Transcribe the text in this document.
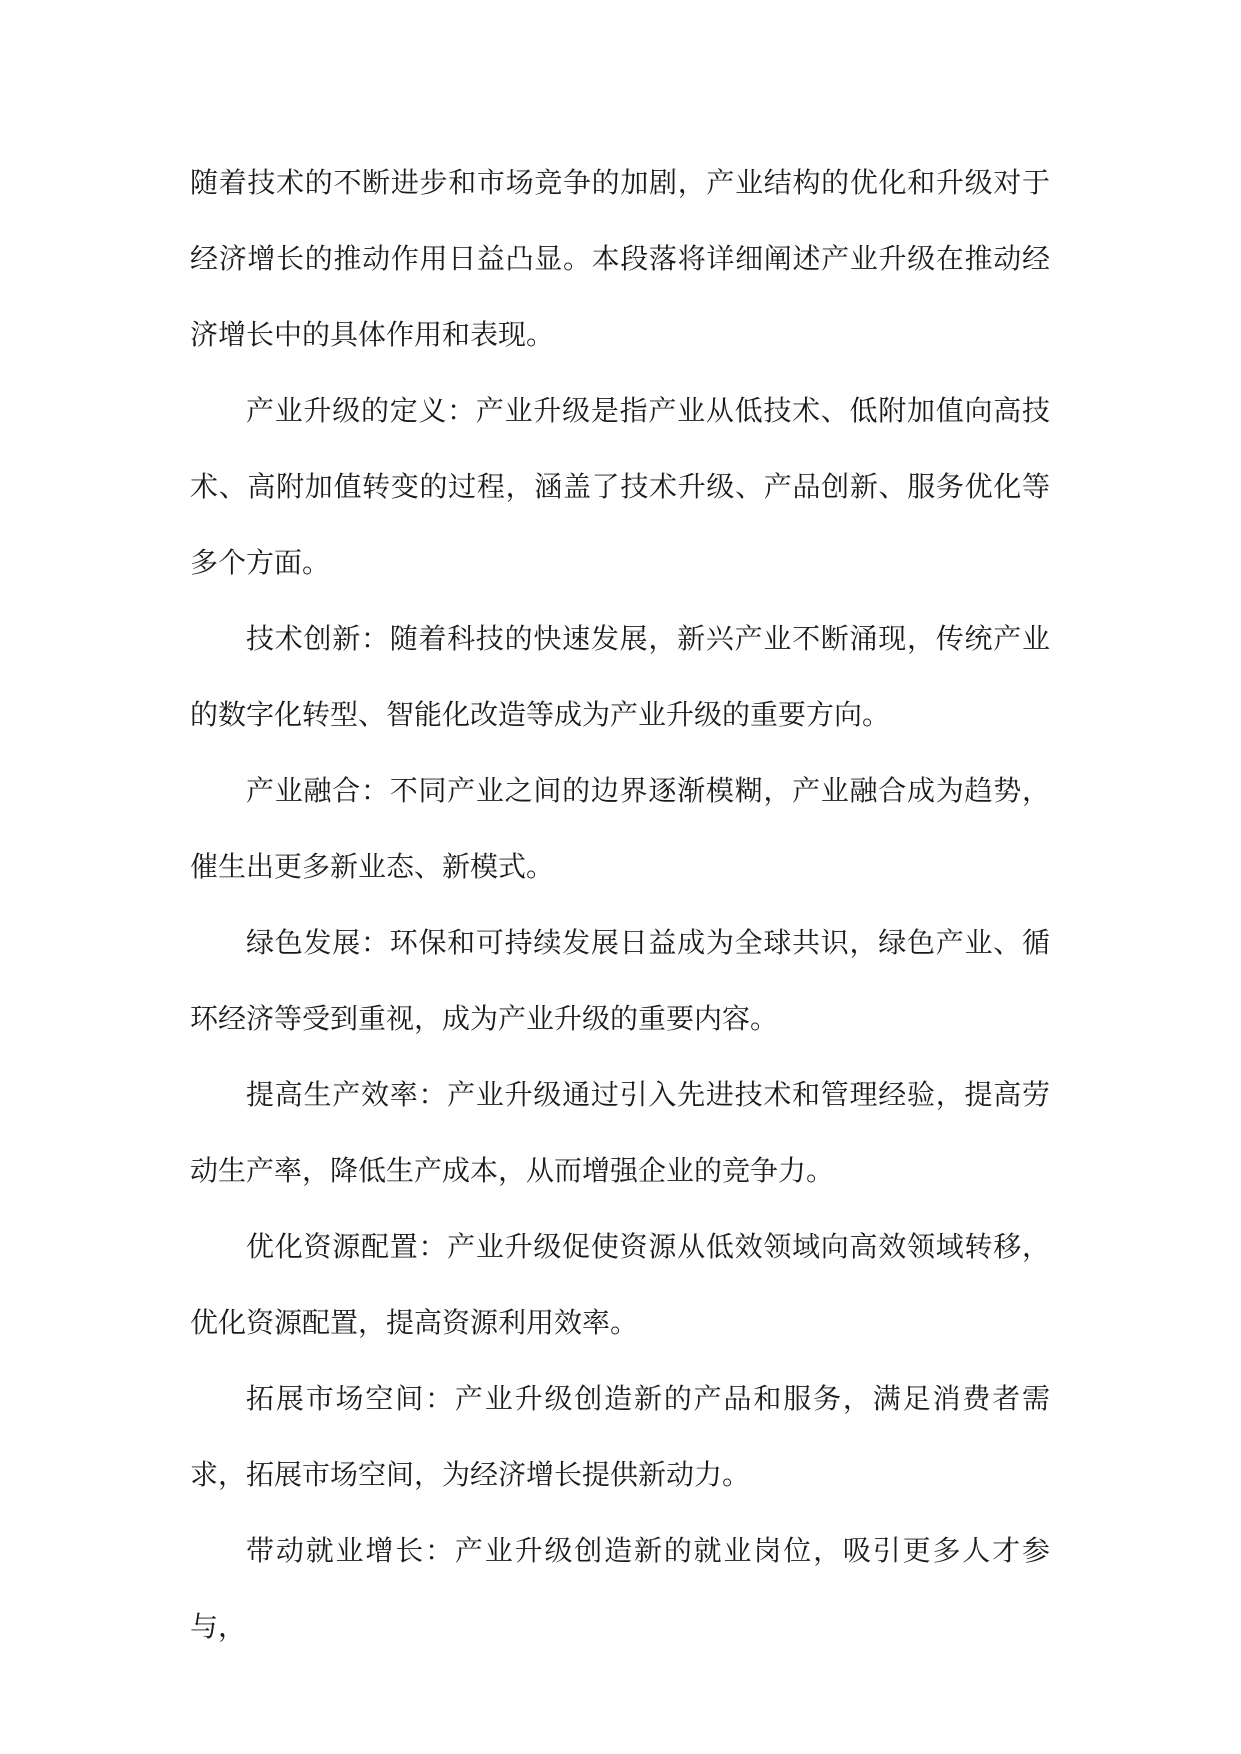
随着技术的不断进步和市场竞争的加剧，产业结构的优化和升级对于经济增长的推动作用日益凸显。本段落将详细阐述产业升级在推动经济增长中的具体作用和表现。

产业升级的定义：产业升级是指产业从低技术、低附加值向高技术、高附加值转变的过程，涵盖了技术升级、产品创新、服务优化等多个方面。

技术创新：随着科技的快速发展，新兴产业不断涌现，传统产业的数字化转型、智能化改造等成为产业升级的重要方向。

产业融合：不同产业之间的边界逐渐模糊，产业融合成为趋势，催生出更多新业态、新模式。

绿色发展：环保和可持续发展日益成为全球共识，绿色产业、循环经济等受到重视，成为产业升级的重要内容。

提高生产效率：产业升级通过引入先进技术和管理经验，提高劳动生产率，降低生产成本，从而增强企业的竞争力。

优化资源配置：产业升级促使资源从低效领域向高效领域转移，优化资源配置，提高资源利用效率。

拓展市场空间：产业升级创造新的产品和服务，满足消费者需求，拓展市场空间，为经济增长提供新动力。

带动就业增长：产业升级创造新的就业岗位，吸引更多人才参与，
